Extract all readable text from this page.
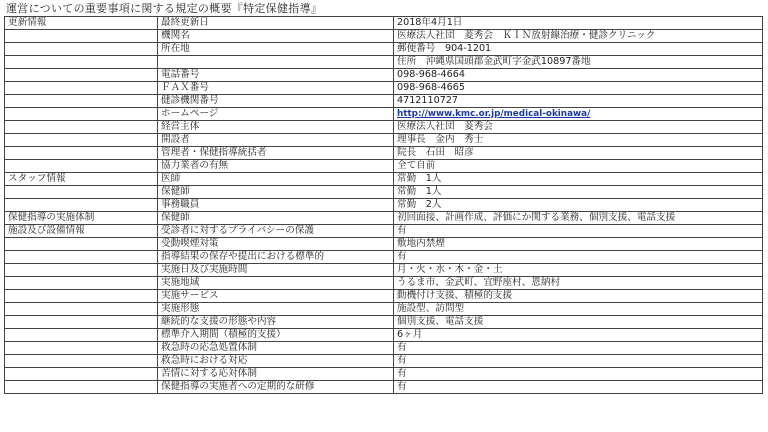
運営についての重要事項に関する規定の概要『特定保健指導』
更新情報	最終更新日	2018年4月1日
	機関名	医療法人社団　菱秀会　ＫＩＮ放射線治療・健診クリニック
	所在地	郵便番号　904-1201
		住所　沖縄県国頭郡金武町字金武10897番地
	電話番号	098-968-4664
	ＦＡＸ番号	098-968-4665
	健診機関番号	4712110727
	ホームページ	http://www.kmc.or.jp/medical-okinawa/
	経営主体	医療法人社団　菱秀会
	開設者	理事長　金内　秀士
	管理者・保健指導統括者	院長　石田　昭彦
	協力業者の有無	全て自前
スタッフ情報	医師	常勤　1人
	保健師	常勤　1人
	事務職員	常勤　2人
保健指導の実施体制	保健師	初回面接、計画作成、評価にか関する業務、個別支援、電話支援
施設及び設備情報	受診者に対するプライバシーの保護	有
	受動喫煙対策	敷地内禁煙
	指導結果の保存や提出における標準的	有
	実施日及び実施時間	月・火・水・木・金・土
	実施地域	うるま市、金武町、宜野座村、恩納村
	実施サービス	動機付け支援、積極的支援
	実施形態	施設型、訪問型
	継続的な支援の形態や内容	個別支援、電話支援
	標準介入期間（積極的支援）	6ヶ月
	救急時の応急処置体制	有
	救急時における対応	有
	苦情に対する応対体制	有
	保健指導の実施者への定期的な研修	有
